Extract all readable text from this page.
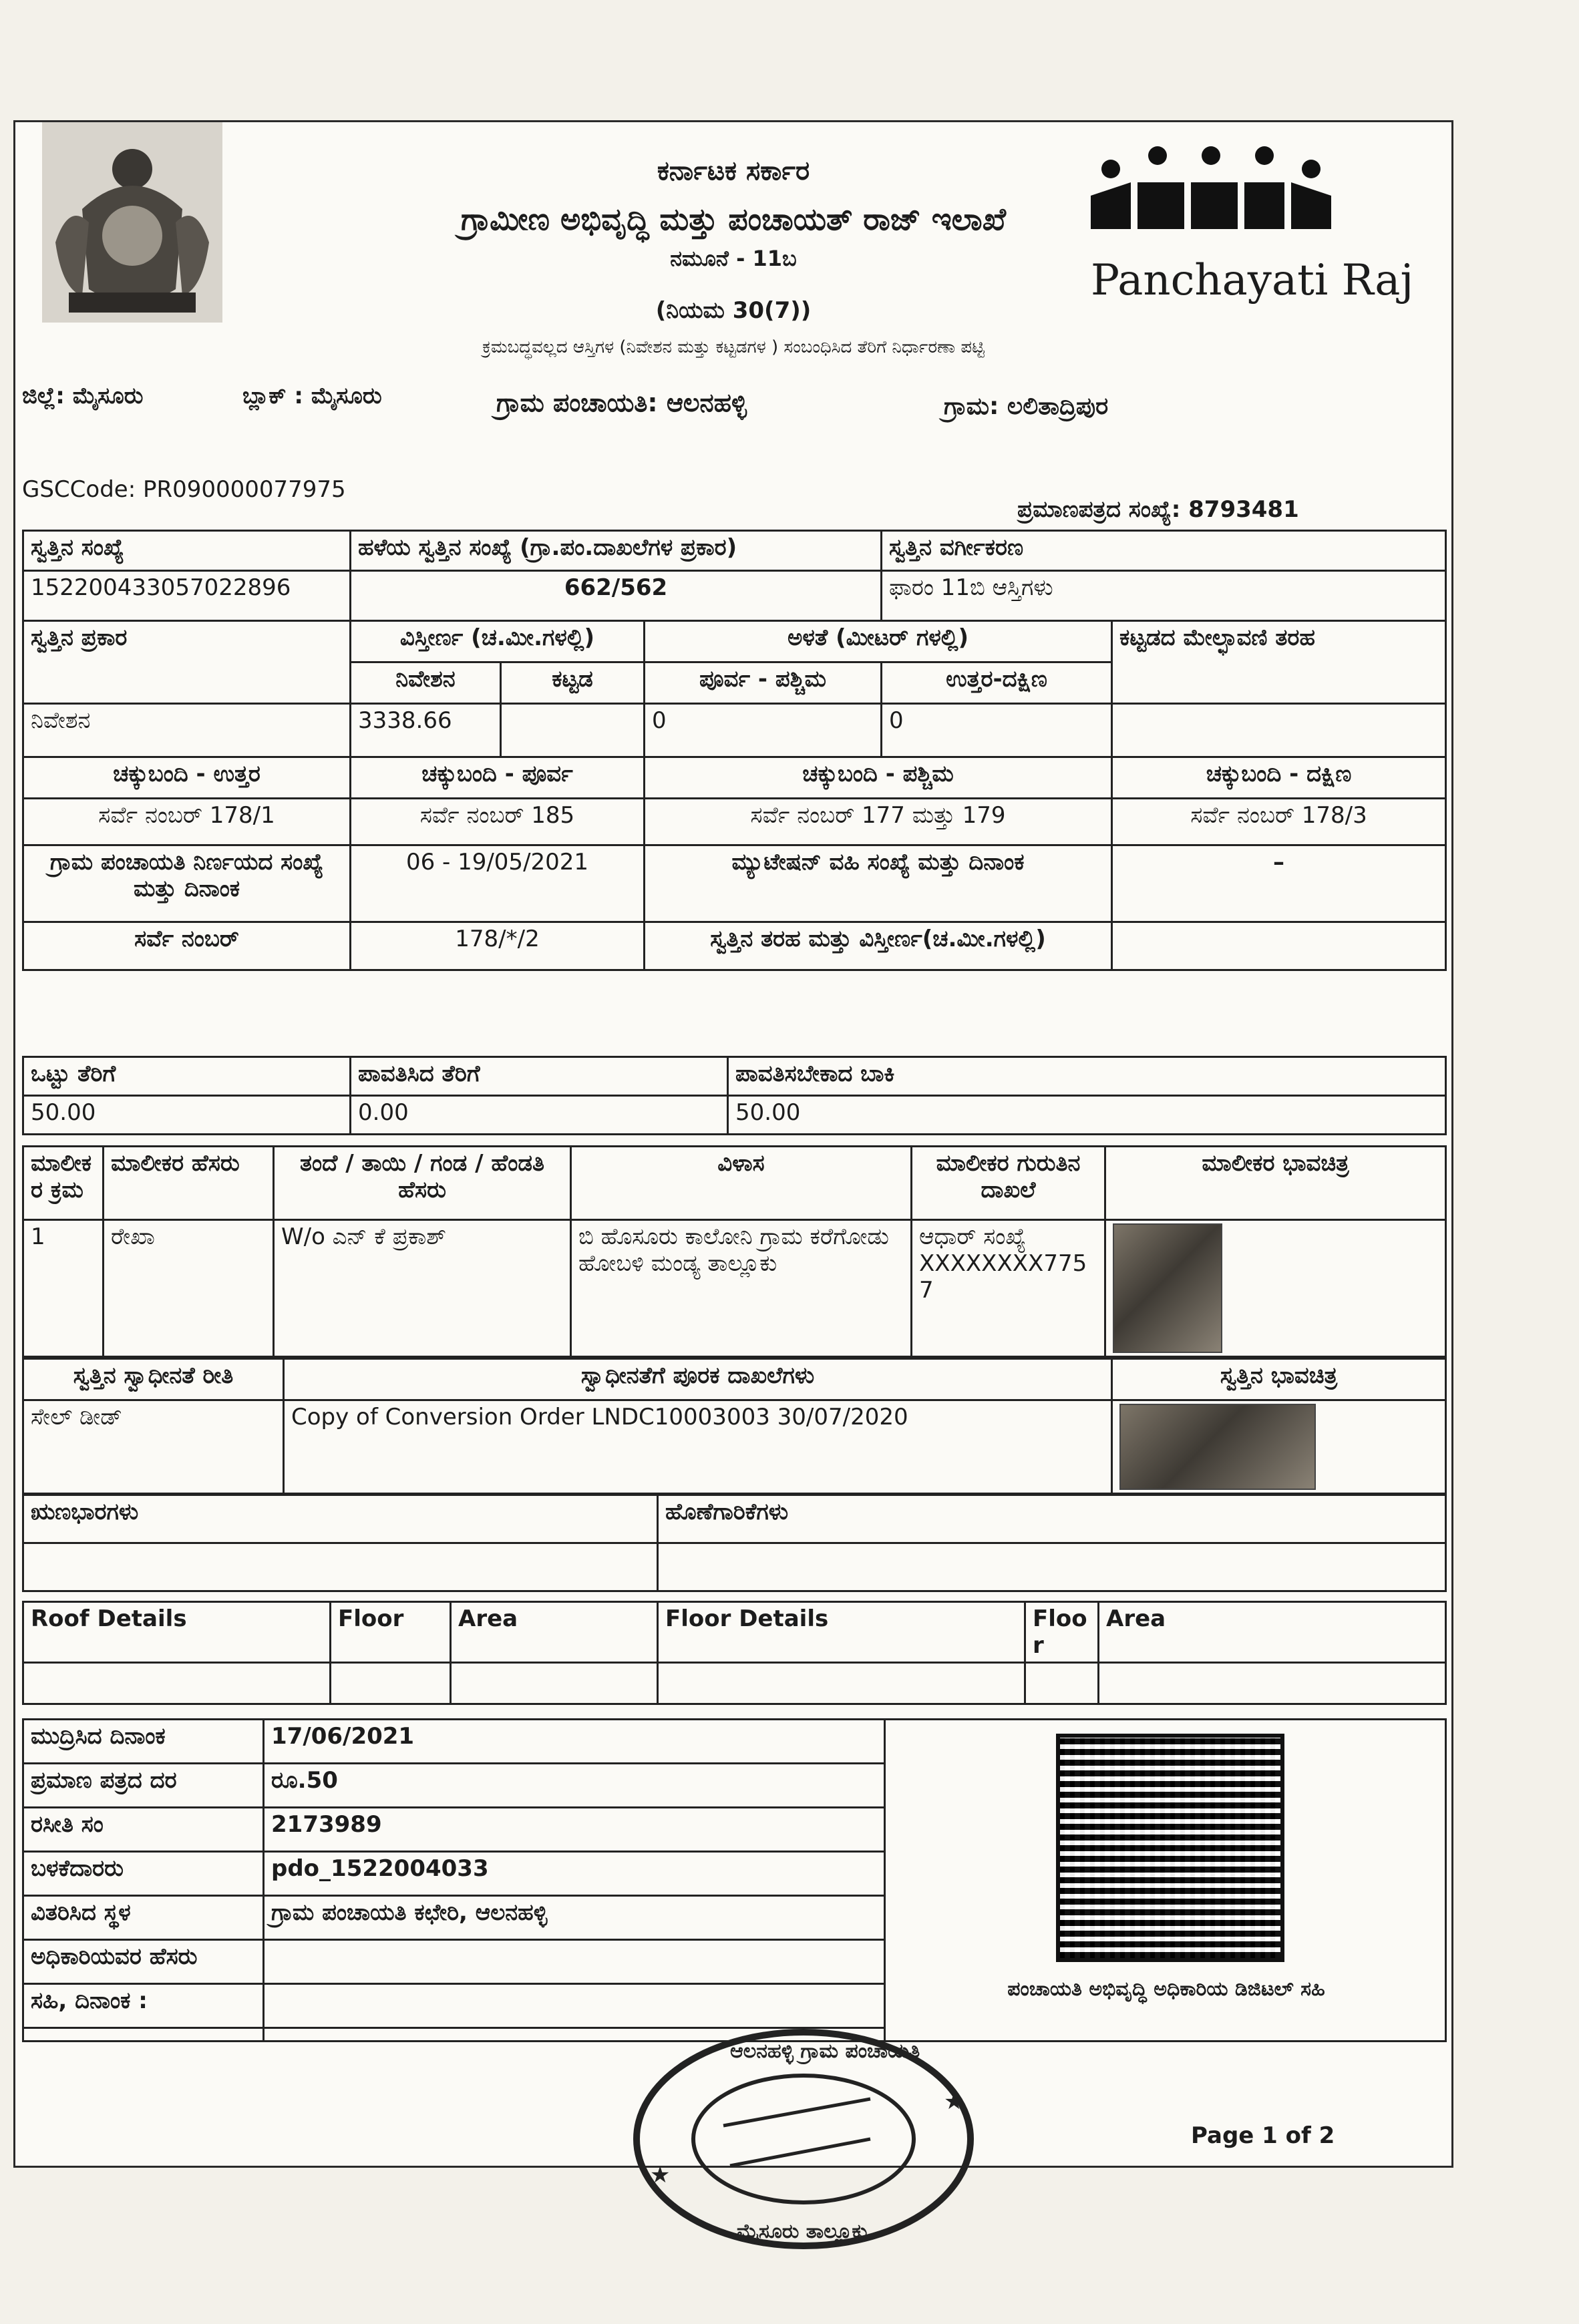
ಕರ್ನಾಟಕ ಸರ್ಕಾರ
ಗ್ರಾಮೀಣ ಅಭಿವೃದ್ಧಿ ಮತ್ತು ಪಂಚಾಯತ್ ರಾಜ್ ಇಲಾಖೆ
ನಮೂನೆ - 11ಬ
(ನಿಯಮ 30(7))
ಕ್ರಮಬದ್ಧವಲ್ಲದ ಆಸ್ತಿಗಳ (ನಿವೇಶನ ಮತ್ತು ಕಟ್ಟಡಗಳ ) ಸಂಬಂಧಿಸಿದ ತೆರಿಗೆ ನಿರ್ಧಾರಣಾ ಪಟ್ಟಿ
Panchayati Raj
ಜಿಲ್ಲೆ: ಮೈಸೂರು	ಬ್ಲಾಕ್ : ಮೈಸೂರು	ಗ್ರಾಮ ಪಂಚಾಯತಿ: ಆಲನಹಳ್ಳಿ	ಗ್ರಾಮ: ಲಲಿತಾದ್ರಿಪುರ
GSCCode: PR090000077975
ಪ್ರಮಾಣಪತ್ರದ ಸಂಖ್ಯೆ: 8793481
ಸ್ವತ್ತಿನ ಸಂಖ್ಯೆ	ಹಳೆಯ ಸ್ವತ್ತಿನ ಸಂಖ್ಯೆ (ಗ್ರಾ.ಪಂ.ದಾಖಲೆಗಳ ಪ್ರಕಾರ)			ಸ್ವತ್ತಿನ ವರ್ಗೀಕರಣ	
152200433057022896	662/562			ಫಾರಂ 11ಬಿ ಆಸ್ತಿಗಳು	
ಸ್ವತ್ತಿನ ಪ್ರಕಾರ	ವಿಸ್ತೀರ್ಣ (ಚ.ಮೀ.ಗಳಲ್ಲಿ)		ಅಳತೆ (ಮೀಟರ್ ಗಳಲ್ಲಿ)		ಕಟ್ಟಡದ ಮೇಲ್ಛಾವಣಿ ತರಹ
	ನಿವೇಶನ	ಕಟ್ಟಡ	ಪೂರ್ವ - ಪಶ್ಚಿಮ	ಉತ್ತರ-ದಕ್ಷಿಣ	
ನಿವೇಶನ	3338.66		0	0	
ಚಕ್ಕುಬಂದಿ - ಉತ್ತರ	ಚಕ್ಕುಬಂದಿ - ಪೂರ್ವ		ಚಕ್ಕುಬಂದಿ - ಪಶ್ಚಿಮ		ಚಕ್ಕುಬಂದಿ - ದಕ್ಷಿಣ
ಸರ್ವೆ ನಂಬರ್ 178/1	ಸರ್ವೆ ನಂಬರ್ 185		ಸರ್ವೆ ನಂಬರ್ 177 ಮತ್ತು 179		ಸರ್ವೆ ನಂಬರ್ 178/3
ಗ್ರಾಮ ಪಂಚಾಯತಿ ನಿರ್ಣಯದ ಸಂಖ್ಯೆ ಮತ್ತು ದಿನಾಂಕ	06 - 19/05/2021		ಮ್ಯುಟೇಷನ್ ವಹಿ ಸಂಖ್ಯೆ ಮತ್ತು ದಿನಾಂಕ		–
ಸರ್ವೆ ನಂಬರ್	178/*/2		ಸ್ವತ್ತಿನ ತರಹ ಮತ್ತು ವಿಸ್ತೀರ್ಣ(ಚ.ಮೀ.ಗಳಲ್ಲಿ)		
ಒಟ್ಟು ತೆರಿಗೆ	ಪಾವತಿಸಿದ ತೆರಿಗೆ	ಪಾವತಿಸಬೇಕಾದ ಬಾಕಿ
50.00	0.00	50.00
ಮಾಲೀಕರ ಕ್ರಮ	ಮಾಲೀಕರ ಹೆಸರು	ತಂದೆ / ತಾಯಿ / ಗಂಡ / ಹೆಂಡತಿ ಹೆಸರು	ವಿಳಾಸ	ಮಾಲೀಕರ ಗುರುತಿನ ದಾಖಲೆ	ಮಾಲೀಕರ ಭಾವಚಿತ್ರ
1	ರೇಖಾ	W/o ಎನ್ ಕೆ ಪ್ರಕಾಶ್	ಬಿ ಹೊಸೂರು ಕಾಲೋನಿ ಗ್ರಾಮ ಕರೆಗೋಡು ಹೋಬಳಿ ಮಂಡ್ಯ ತಾಲ್ಲೂಕು	ಆಧಾರ್ ಸಂಖ್ಯೆ XXXXXXXX7757	
ಸ್ವತ್ತಿನ ಸ್ವಾಧೀನತೆ ರೀತಿ	ಸ್ವಾಧೀನತೆಗೆ ಪೂರಕ ದಾಖಲೆಗಳು	ಸ್ವತ್ತಿನ ಭಾವಚಿತ್ರ
ಸೇಲ್ ಡೀಡ್	Copy of Conversion Order LNDC10003003 30/07/2020	
ಋಣಭಾರಗಳು	ಹೊಣೆಗಾರಿಕೆಗಳು

Roof Details	Floor	Area	Floor Details	Floor	Area

ಮುದ್ರಿಸಿದ ದಿನಾಂಕ	17/06/2021	ಪಂಚಾಯತಿ ಅಭಿವೃದ್ಧಿ ಅಧಿಕಾರಿಯ ಡಿಜಿಟಲ್ ಸಹಿ

ಪ್ರಮಾಣ ಪತ್ರದ ದರ	ರೂ.50	
ರಸೀತಿ ಸಂ	2173989	
ಬಳಕೆದಾರರು	pdo_1522004033	
ವಿತರಿಸಿದ ಸ್ಥಳ	ಗ್ರಾಮ ಪಂಚಾಯತಿ ಕಛೇರಿ, ಆಲನಹಳ್ಳಿ	
ಅಧಿಕಾರಿಯವರ ಹೆಸರು		
ಸಹಿ, ದಿನಾಂಕ :		

★
★
ಆಲನಹಳ್ಳಿ ಗ್ರಾಮ ಪಂಚಾಯತಿ
ಮೈಸೂರು ತಾಲ್ಲೂಕು
Page 1 of 2
